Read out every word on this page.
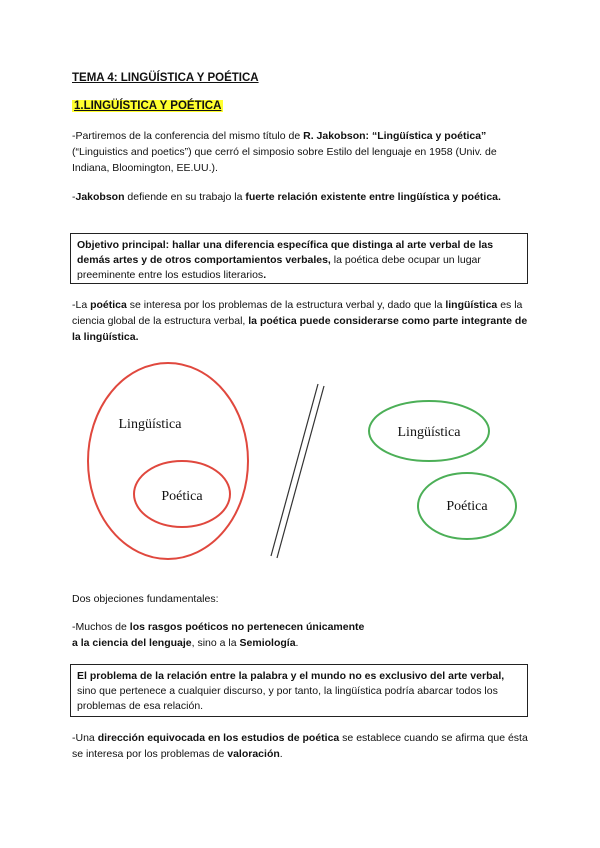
TEMA 4: LINGÜÍSTICA Y POÉTICA
1.LINGÜÍSTICA Y POÉTICA
-Partiremos de la conferencia del mismo título de R. Jakobson: “Lingüística y poética” (“Linguistics and poetics”) que cerró el simposio sobre Estilo del lenguaje en 1958 (Univ. de Indiana, Bloomington, EE.UU.).
-Jakobson defiende en su trabajo la fuerte relación existente entre lingüística y poética.
Objetivo principal: hallar una diferencia específica que distinga al arte verbal de las demás artes y de otros comportamientos verbales, la poética debe ocupar un lugar preeminente entre los estudios literarios.
-La poética se interesa por los problemas de la estructura verbal y, dado que la lingüística es la ciencia global de la estructura verbal, la poética puede considerarse como parte integrante de la lingüística.
Lingüística
Poética
Lingüística
Poética
Dos objeciones fundamentales:
-Muchos de los rasgos poéticos no pertenecen únicamente
a la ciencia del lenguaje, sino a la Semiología.
El problema de la relación entre la palabra y el mundo no es exclusivo del arte verbal, sino que pertenece a cualquier discurso, y por tanto, la lingüística podría abarcar todos los problemas de esa relación.
-Una dirección equivocada en los estudios de poética se establece cuando se afirma que ésta se interesa por los problemas de valoración.
